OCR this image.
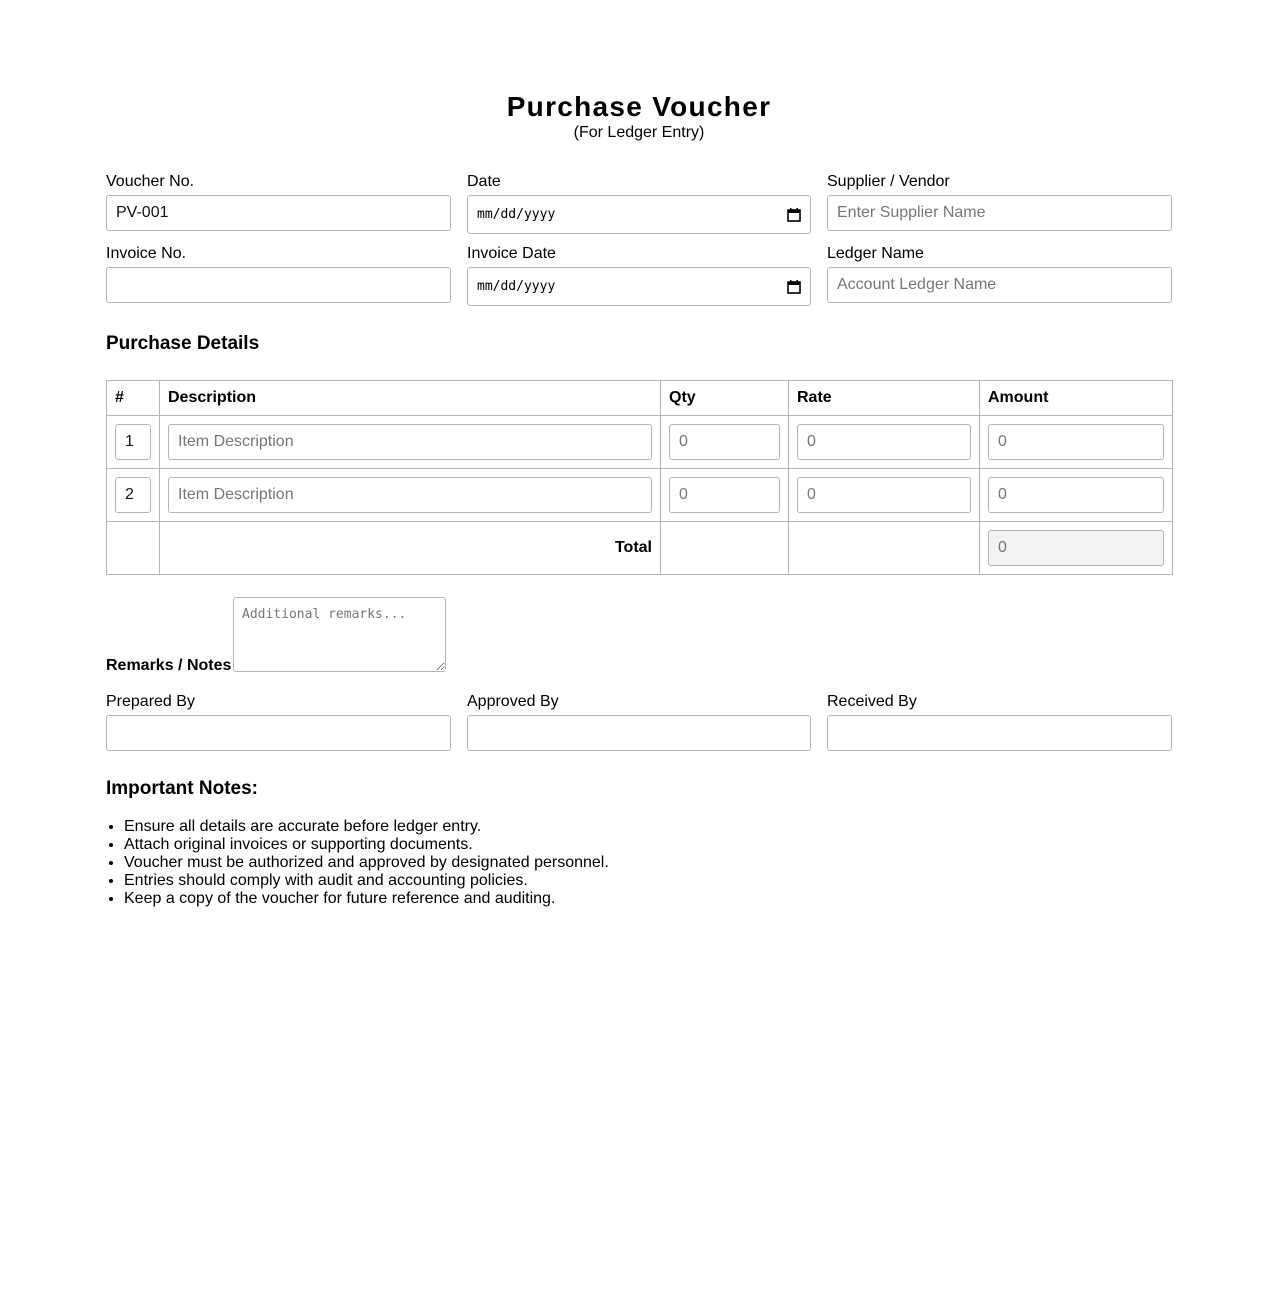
Purchase Voucher
(For Ledger Entry)
Voucher No.
PV-001	Date
mm/dd/yyyy
Supplier / Vendor
Enter Supplier Name
Invoice No.	Invoice Date
mm/dd/yyyy
Ledger Name
Account Ledger Name
Purchase Details
#	Description	Qty	Rate	Amount
1	Item Description	0	0	0
2	Item Description	0	0	0
	Total			0
Remarks / Notes
Additional remarks...
Prepared By	Approved By	Received By
Important Notes:
• Ensure all details are accurate before ledger entry.
• Attach original invoices or supporting documents.
• Voucher must be authorized and approved by designated personnel.
• Entries should comply with audit and accounting policies.
• Keep a copy of the voucher for future reference and auditing.
